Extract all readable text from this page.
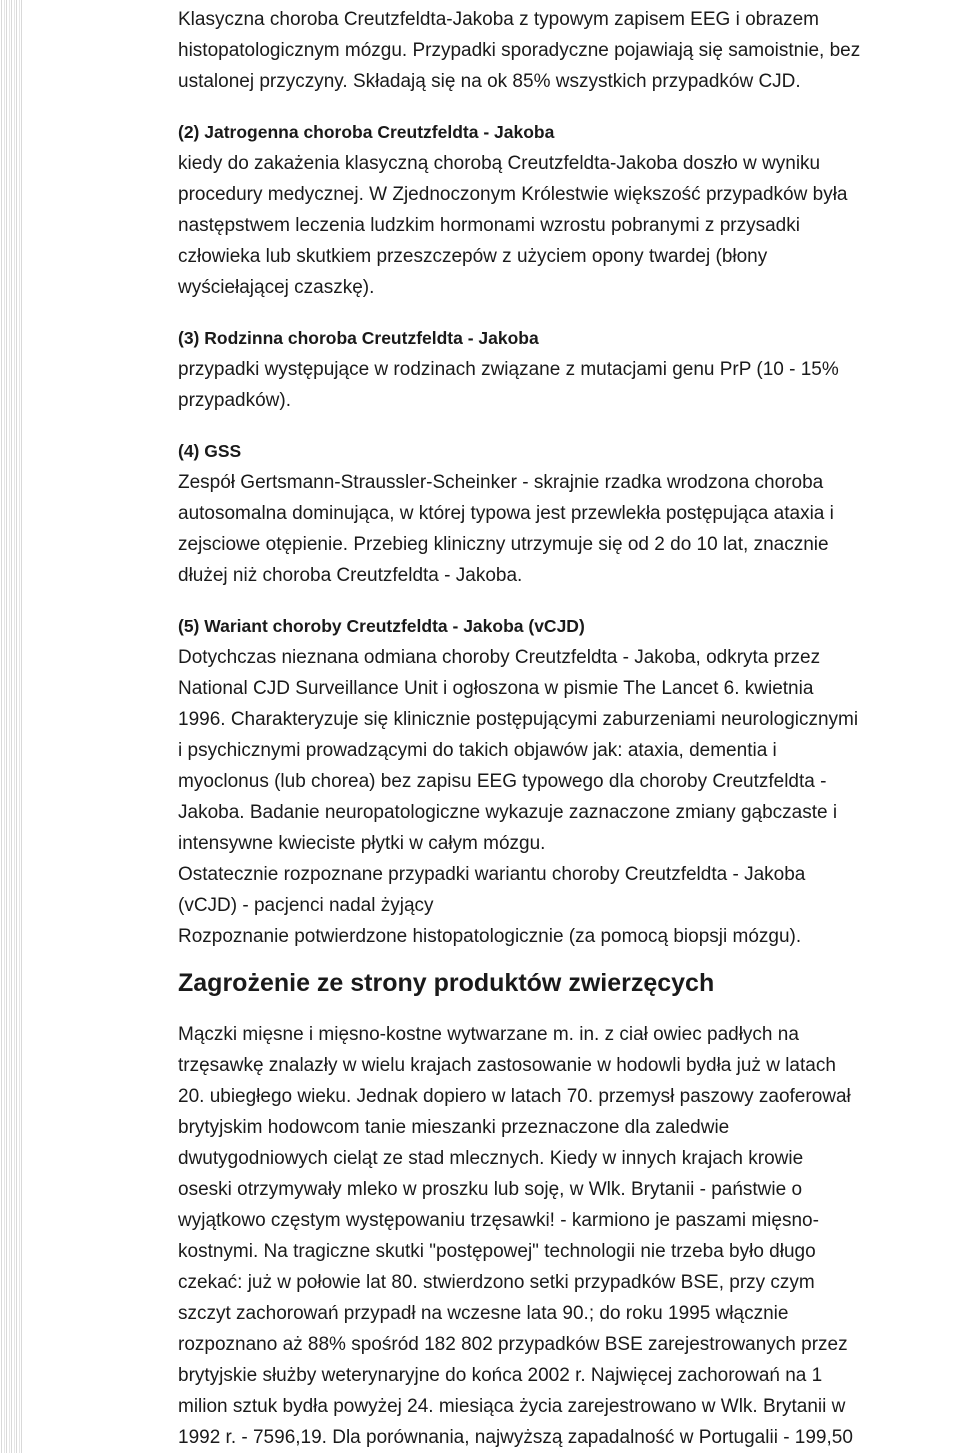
Klasyczna choroba Creutzfeldta-Jakoba z typowym zapisem EEG i obrazem

histopatologicznym mózgu. Przypadki sporadyczne pojawiają się samoistnie, bez

ustalonej przyczyny. Składają się na ok 85% wszystkich przypadków CJD.

(2) Jatrogenna choroba Creutzfeldta - Jakoba

kiedy do zakażenia klasyczną chorobą Creutzfeldta-Jakoba doszło w wyniku

procedury medycznej. W Zjednoczonym Królestwie większość przypadków była

następstwem leczenia ludzkim hormonami wzrostu pobranymi z przysadki

człowieka lub skutkiem przeszczepów z użyciem opony twardej (błony

wyściełającej czaszkę).

(3) Rodzinna choroba Creutzfeldta - Jakoba

przypadki występujące w rodzinach związane z mutacjami genu PrP (10 - 15%

przypadków).

(4) GSS

Zespół Gertsmann-Straussler-Scheinker - skrajnie rzadka wrodzona choroba

autosomalna dominująca, w której typowa jest przewlekła postępująca ataxia i

zejsciowe otępienie. Przebieg kliniczny utrzymuje się od 2 do 10 lat, znacznie

dłużej niż choroba Creutzfeldta - Jakoba.

(5) Wariant choroby Creutzfeldta - Jakoba (vCJD)

Dotychczas nieznana odmiana choroby Creutzfeldta - Jakoba, odkryta przez

National CJD Surveillance Unit i ogłoszona w pismie The Lancet 6. kwietnia

1996. Charakteryzuje się klinicznie postępującymi zaburzeniami neurologicznymi

i psychicznymi prowadzącymi do takich objawów jak: ataxia, dementia i

myoclonus (lub chorea) bez zapisu EEG typowego dla choroby Creutzfeldta -

Jakoba. Badanie neuropatologiczne wykazuje zaznaczone zmiany gąbczaste i

intensywne kwieciste płytki w całym mózgu.

Ostatecznie rozpoznane przypadki wariantu choroby Creutzfeldta - Jakoba

(vCJD) - pacjenci nadal żyjący

Rozpoznanie potwierdzone histopatologicznie (za pomocą biopsji mózgu).

Zagrożenie ze strony produktów zwierzęcych

Mączki mięsne i mięsno-kostne wytwarzane m. in. z ciał owiec padłych na

trzęsawkę znalazły w wielu krajach zastosowanie w hodowli bydła już w latach

20. ubiegłego wieku. Jednak dopiero w latach 70. przemysł paszowy zaoferował

brytyjskim hodowcom tanie mieszanki przeznaczone dla zaledwie

dwutygodniowych cieląt ze stad mlecznych. Kiedy w innych krajach krowie

oseski otrzymywały mleko w proszku lub soję, w Wlk. Brytanii - państwie o

wyjątkowo częstym występowaniu trzęsawki! - karmiono je paszami mięsno-

kostnymi. Na tragiczne skutki "postępowej" technologii nie trzeba było długo

czekać: już w połowie lat 80. stwierdzono setki przypadków BSE, przy czym

szczyt zachorowań przypadł na wczesne lata 90.; do roku 1995 włącznie

rozpoznano aż 88% spośród 182 802 przypadków BSE zarejestrowanych przez

brytyjskie służby weterynaryjne do końca 2002 r. Najwięcej zachorowań na 1

milion sztuk bydła powyżej 24. miesiąca życia zarejestrowano w Wlk. Brytanii w

1992 r. - 7596,19. Dla porównania, najwyższą zapadalność w Portugalii - 199,50
